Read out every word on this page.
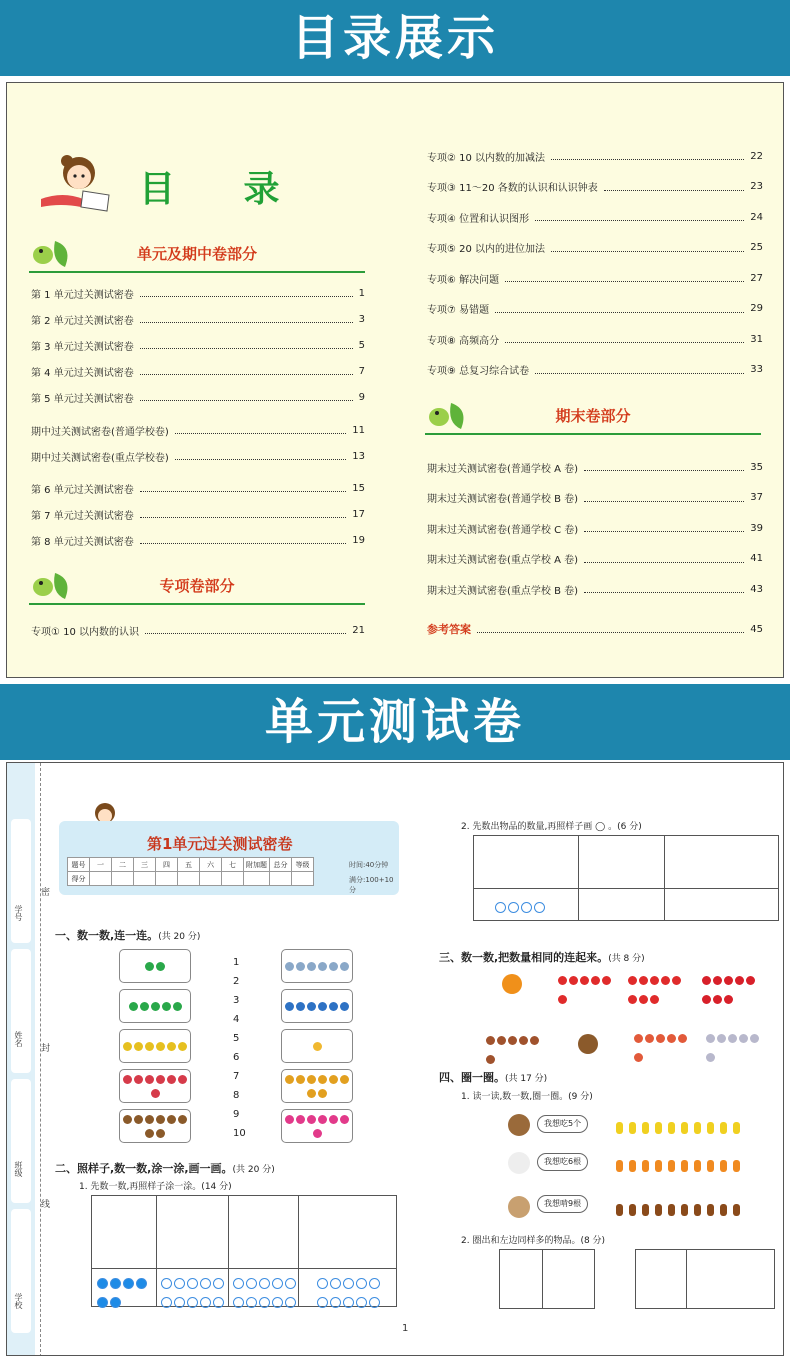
目录展示
目 录
单元及期中卷部分
第 1 单元过关测试密卷	1
第 2 单元过关测试密卷	3
第 3 单元过关测试密卷	5
第 4 单元过关测试密卷	7
第 5 单元过关测试密卷	9
期中过关测试密卷(普通学校卷)	11
期中过关测试密卷(重点学校卷)	13
第 6 单元过关测试密卷	15
第 7 单元过关测试密卷	17
第 8 单元过关测试密卷	19
专项卷部分
专项① 10 以内数的认识	21
专项② 10 以内数的加减法	22
专项③ 11～20 各数的认识和认识钟表	23
专项④ 位置和认识图形	24
专项⑤ 20 以内的进位加法	25
专项⑥ 解决问题	27
专项⑦ 易错题	29
专项⑧ 高频高分	31
专项⑨ 总复习综合试卷	33
期末卷部分
期末过关测试密卷(普通学校 A 卷)	35
期末过关测试密卷(普通学校 B 卷)	37
期末过关测试密卷(普通学校 C 卷)	39
期末过关测试密卷(重点学校 A 卷)	41
期末过关测试密卷(重点学校 B 卷)	43
参考答案	45
单元测试卷
学号
姓名
班级
学校
密
封
线
第1单元过关测试密卷
题号	一	二	三	四	五	六	七	附加题	总分	等级
得分										
时间:40分钟
满分:100+10分
一、数一数,连一连。(共 20 分)
1
2
3
4
5
6
7
8
9
10
二、照样子,数一数,涂一涂,画一画。(共 20 分)
1. 先数一数,再照样子涂一涂。(14 分)
2. 先数出物品的数量,再照样子画 ◯ 。(6 分)
三、数一数,把数量相同的连起来。(共 8 分)
四、圈一圈。(共 17 分)
1. 读一读,数一数,圈一圈。(9 分)
我想吃5个
我想吃6根
我想啃9根
2. 圈出和左边同样多的物品。(8 分)
1
